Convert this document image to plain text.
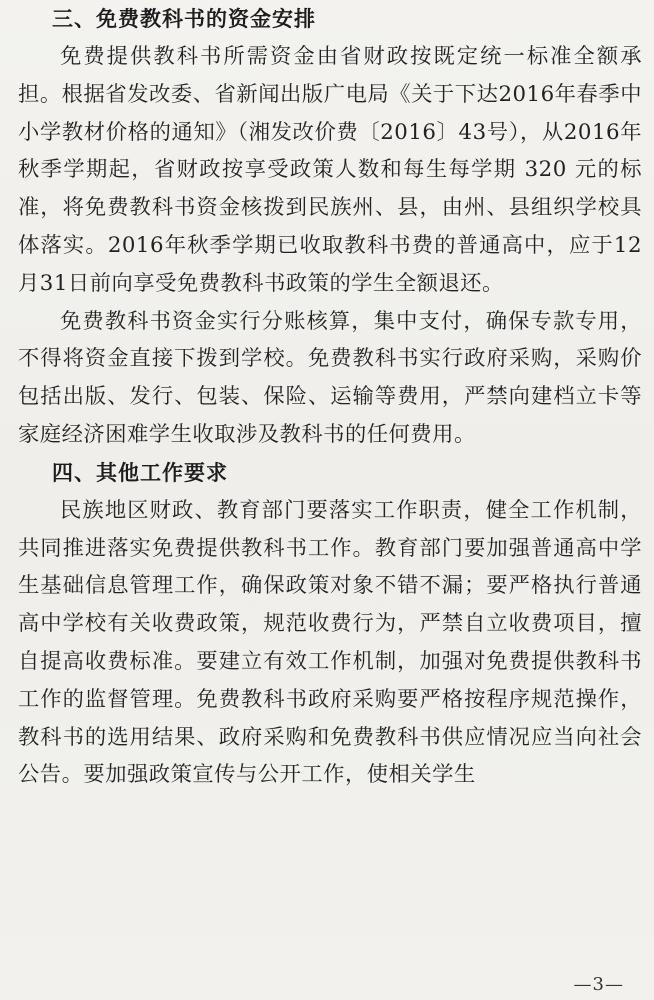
三、免费教科书的资金安排

免费提供教科书所需资金由省财政按既定统一标准全额承担。根据省发改委、省新闻出版广电局《关于下达2016年春季中小学教材价格的通知》（湘发改价费〔2016〕43号），从2016年秋季学期起，省财政按享受政策人数和每生每学期 320 元的标准，将免费教科书资金核拨到民族州、县，由州、县组织学校具体落实。2016年秋季学期已收取教科书费的普通高中，应于12月31日前向享受免费教科书政策的学生全额退还。

免费教科书资金实行分账核算，集中支付，确保专款专用，不得将资金直接下拨到学校。免费教科书实行政府采购，采购价包括出版、发行、包装、保险、运输等费用，严禁向建档立卡等家庭经济困难学生收取涉及教科书的任何费用。

四、其他工作要求

民族地区财政、教育部门要落实工作职责，健全工作机制，共同推进落实免费提供教科书工作。教育部门要加强普通高中学生基础信息管理工作，确保政策对象不错不漏；要严格执行普通高中学校有关收费政策，规范收费行为，严禁自立收费项目，擅自提高收费标准。要建立有效工作机制，加强对免费提供教科书工作的监督管理。免费教科书政府采购要严格按程序规范操作，教科书的选用结果、政府采购和免费教科书供应情况应当向社会公告。要加强政策宣传与公开工作，使相关学生

—3—
